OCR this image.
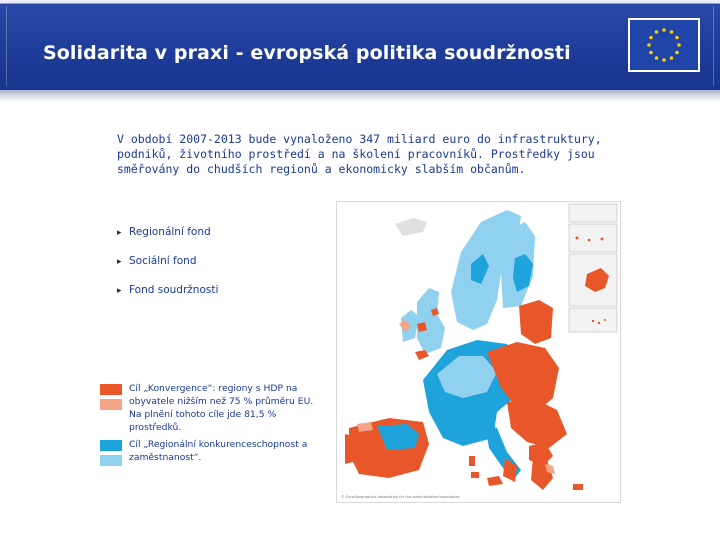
Solidarita v praxi - evropská politika soudržnosti
V období 2007-2013 bude vynaloženo 347 miliard euro do infrastruktury, podniků, životního prostředí a na školení pracovníků. Prostředky jsou směřovány do chudších regionů a ekonomicky slabším občanům.
▸ Regionální fond
▸ Sociální fond
▸ Fond soudržnosti
Cíl „Konvergence“: regiony s HDP na obyvatele nižším než 75 % průměru EU. Na plnění tohoto cíle jde 81,5 % prostředků.
Cíl „Regionální konkurenceschopnost a zaměstnanost“.
© EuroGeographics Association for the administrative boundaries
